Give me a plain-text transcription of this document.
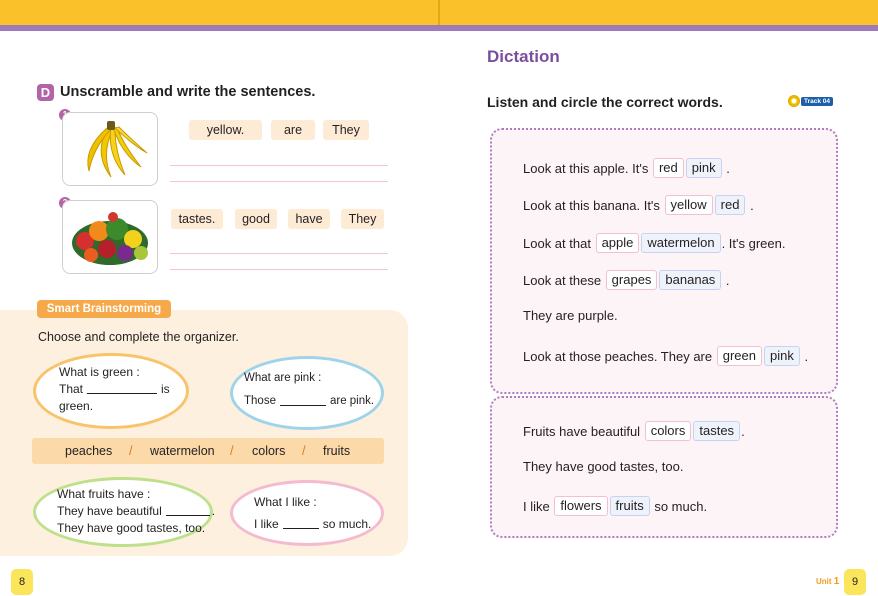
D Unscramble and write the sentences.
yellow.	are	They
tastes.	good	have	They
Smart Brainstorming
Choose and complete the organizer.
What is green :
That	is
green.
What are pink :
Those	are pink.
peaches / watermelon / colors / fruits
What fruits have :
They have beautiful	.
They have good tastes, too.
What I like :
I like	so much.
8
Dictation
Listen and circle the correct words.	Track 04
Look at this apple. It's red	pink .
Look at this banana. It's yellow	red .
Look at that apple	watermelon . It's green.
Look at these grapes	bananas .
They are purple.
Look at those peaches. They are green	pink .
Fruits have beautiful colors	tastes .
They have good tastes, too.
I like flowers	fruits so much.
Unit 1	9
